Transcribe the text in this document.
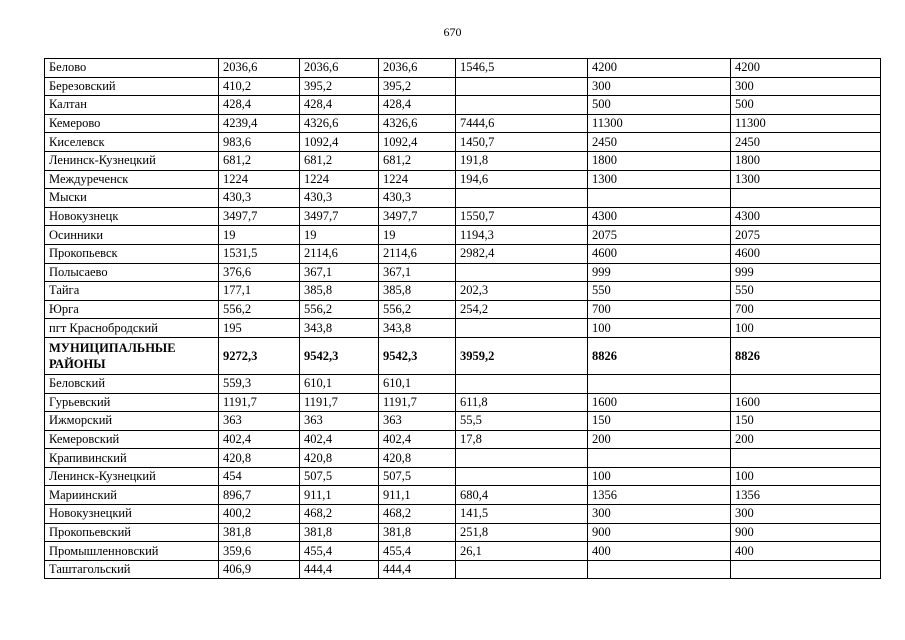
670
Белово	2036,6	2036,6	2036,6	1546,5	4200	4200
Березовский	410,2	395,2	395,2		300	300
Калтан	428,4	428,4	428,4		500	500
Кемерово	4239,4	4326,6	4326,6	7444,6	11300	11300
Киселевск	983,6	1092,4	1092,4	1450,7	2450	2450
Ленинск-Кузнецкий	681,2	681,2	681,2	191,8	1800	1800
Междуреченск	1224	1224	1224	194,6	1300	1300
Мыски	430,3	430,3	430,3			
Новокузнецк	3497,7	3497,7	3497,7	1550,7	4300	4300
Осинники	19	19	19	1194,3	2075	2075
Прокопьевск	1531,5	2114,6	2114,6	2982,4	4600	4600
Полысаево	376,6	367,1	367,1		999	999
Тайга	177,1	385,8	385,8	202,3	550	550
Юрга	556,2	556,2	556,2	254,2	700	700
пгт Краснобродский	195	343,8	343,8		100	100
МУНИЦИПАЛЬНЫЕ РАЙОНЫ	9272,3	9542,3	9542,3	3959,2	8826	8826
Беловский	559,3	610,1	610,1			
Гурьевский	1191,7	1191,7	1191,7	611,8	1600	1600
Ижморский	363	363	363	55,5	150	150
Кемеровский	402,4	402,4	402,4	17,8	200	200
Крапивинский	420,8	420,8	420,8			
Ленинск-Кузнецкий	454	507,5	507,5		100	100
Мариинский	896,7	911,1	911,1	680,4	1356	1356
Новокузнецкий	400,2	468,2	468,2	141,5	300	300
Прокопьевский	381,8	381,8	381,8	251,8	900	900
Промышленновский	359,6	455,4	455,4	26,1	400	400
Таштагольский	406,9	444,4	444,4			
